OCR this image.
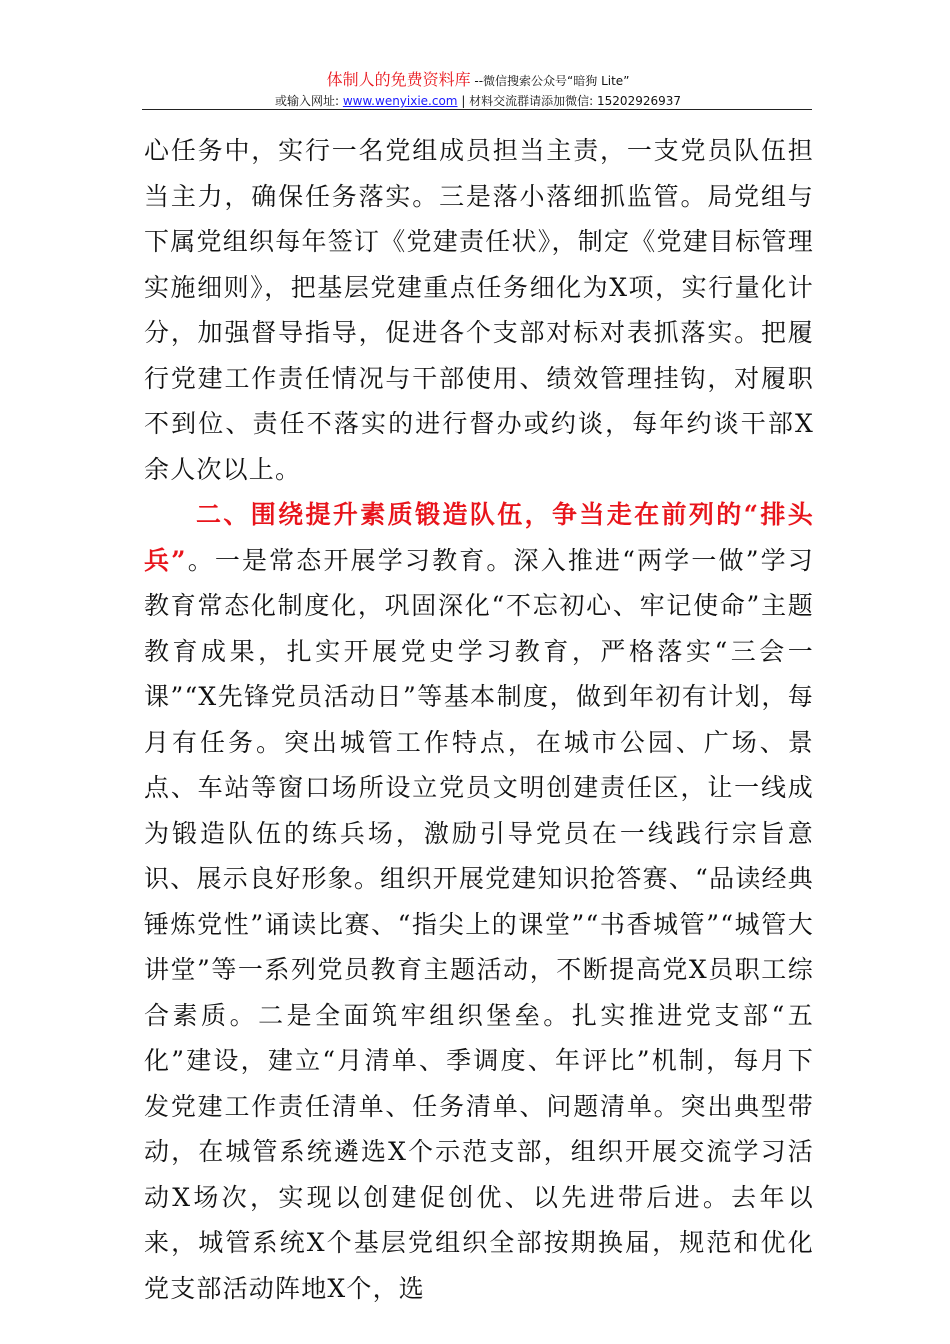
体制人的免费资料库 --微信搜索公众号“暗狗 Lite”
或输入网址: www.wenyixie.com | 材料交流群请添加微信: 15202926937

心任务中，实行一名党组成员担当主责，一支党员队伍担当主力，确保任务落实。三是落小落细抓监管。局党组与下属党组织每年签订《党建责任状》，制定《党建目标管理实施细则》，把基层党建重点任务细化为X项，实行量化计分，加强督导指导，促进各个支部对标对表抓落实。把履行党建工作责任情况与干部使用、绩效管理挂钩，对履职不到位、责任不落实的进行督办或约谈，每年约谈干部X余人次以上。

二、围绕提升素质锻造队伍，争当走在前列的“排头兵”。一是常态开展学习教育。深入推进“两学一做”学习教育常态化制度化，巩固深化“不忘初心、牢记使命”主题教育成果，扎实开展党史学习教育，严格落实“三会一课”“X先锋党员活动日”等基本制度，做到年初有计划，每月有任务。突出城管工作特点，在城市公园、广场、景点、车站等窗口场所设立党员文明创建责任区，让一线成为锻造队伍的练兵场，激励引导党员在一线践行宗旨意识、展示良好形象。组织开展党建知识抢答赛、“品读经典锤炼党性”诵读比赛、“指尖上的课堂”“书香城管”“城管大讲堂”等一系列党员教育主题活动，不断提高党X员职工综合素质。二是全面筑牢组织堡垒。扎实推进党支部“五化”建设，建立“月清单、季调度、年评比”机制，每月下发党建工作责任清单、任务清单、问题清单。突出典型带动，在城管系统遴选X个示范支部，组织开展交流学习活动X场次，实现以创建促创优、以先进带后进。去年以来，城管系统X个基层党组织全部按期换届，规范和优化党支部活动阵地X个，选
